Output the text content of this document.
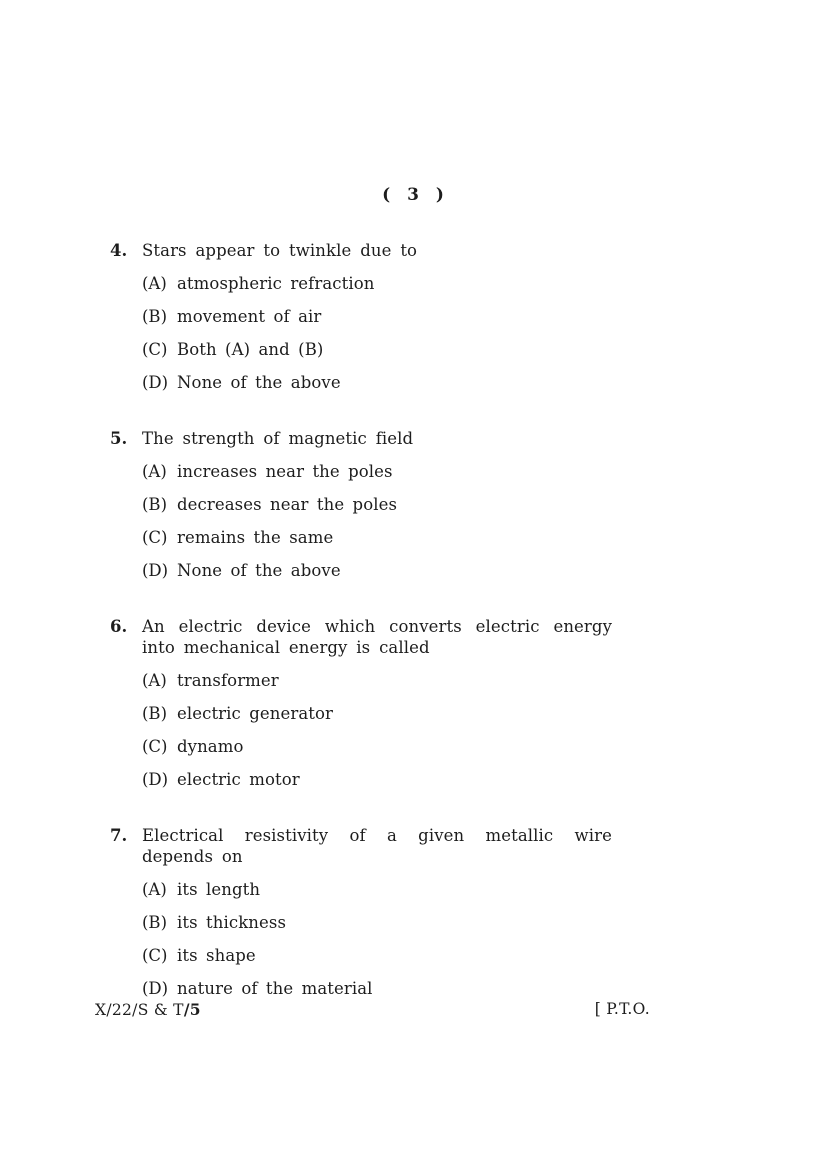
( 3 )
4. Stars appear to twinkle due to
(A) atmospheric refraction
(B) movement of air
(C) Both (A) and (B)
(D) None of the above
5. The strength of magnetic field
(A) increases near the poles
(B) decreases near the poles
(C) remains the same
(D) None of the above
6. An electric device which converts electric energy into mechanical energy is called
(A) transformer
(B) electric generator
(C) dynamo
(D) electric motor
7. Electrical resistivity of a given metallic wire depends on
(A) its length
(B) its thickness
(C) its shape
(D) nature of the material
X/22/S & T/5	[ P.T.O.
